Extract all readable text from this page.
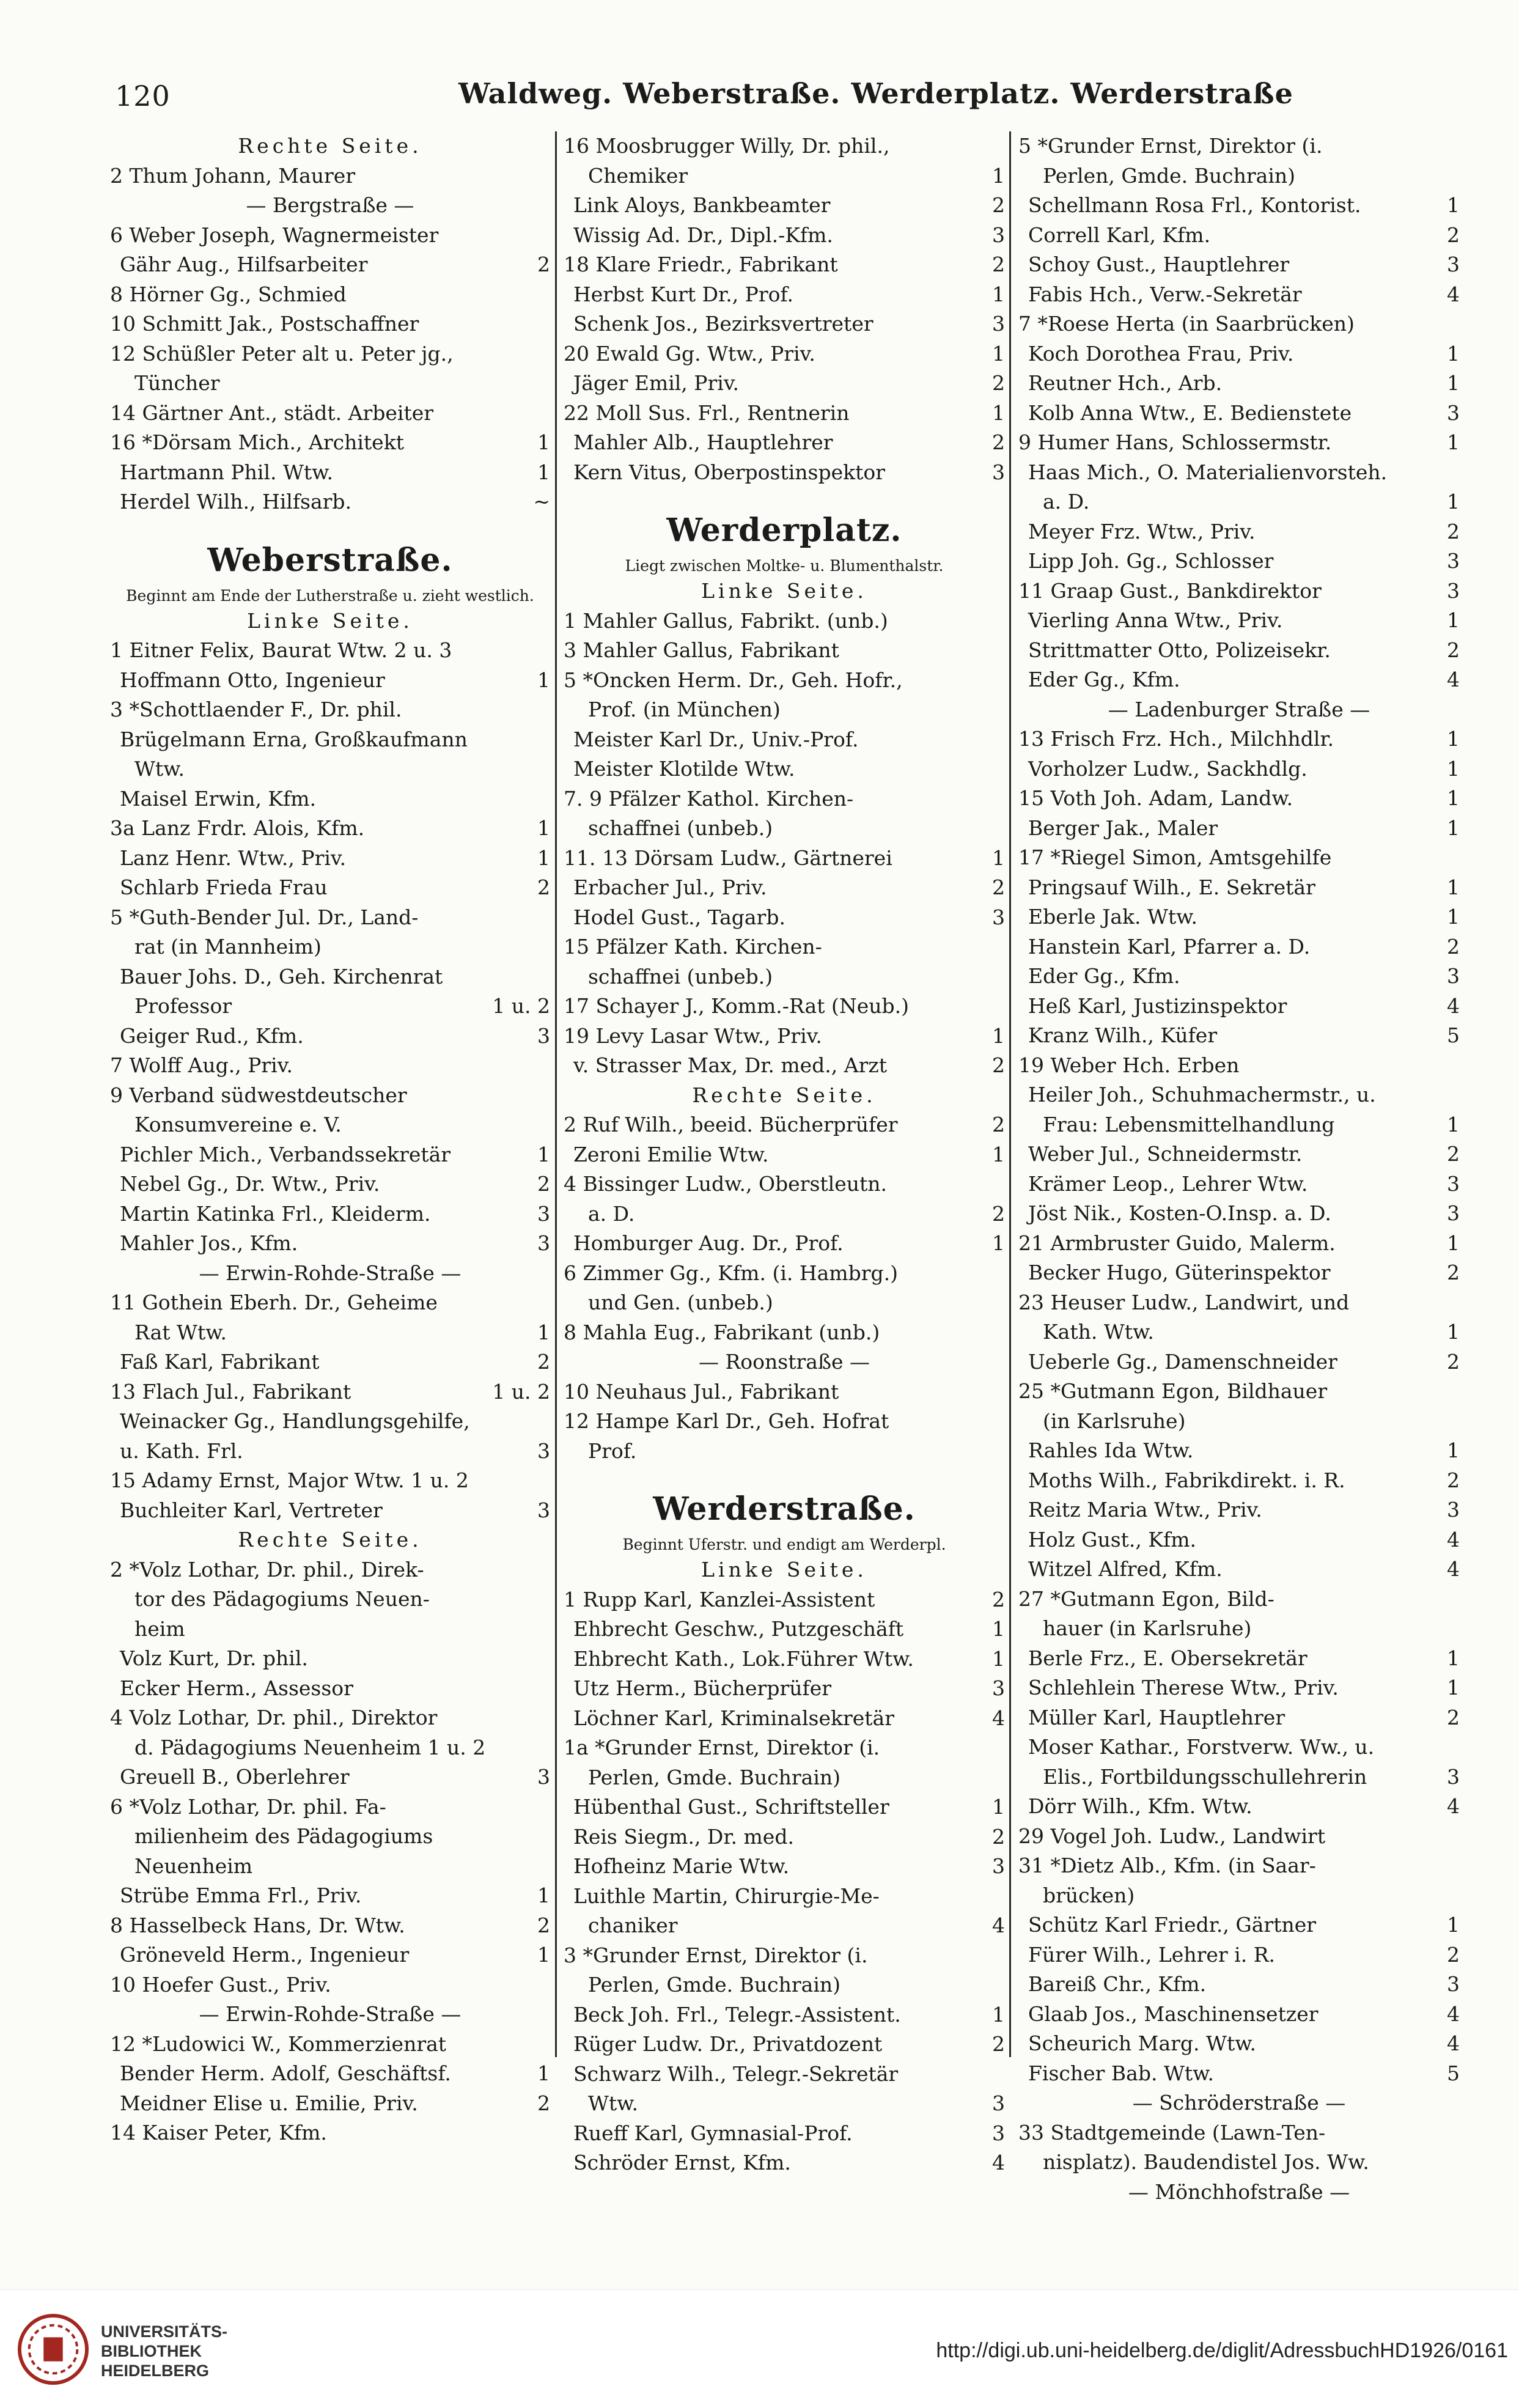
120	Waldweg. Weberstraße. Werderplatz. Werderstraße
Rechte Seite.
2 Thum Johann, Maurer
— Bergstraße —
6 Weber Joseph, Wagnermeister
Gähr Aug., Hilfsarbeiter	2
8 Hörner Gg., Schmied
10 Schmitt Jak., Postschaffner
12 Schüßler Peter alt u. Peter jg.,
Tüncher
14 Gärtner Ant., städt. Arbeiter
16 *Dörsam Mich., Architekt	1
Hartmann Phil. Wtw.	1
Herdel Wilh., Hilfsarb.	~
Weberstraße.
Beginnt am Ende der Lutherstraße u. zieht westlich.
Linke Seite.
1 Eitner Felix, Baurat Wtw. 2 u. 3
Hoffmann Otto, Ingenieur	1
3 *Schottlaender F., Dr. phil.
Brügelmann Erna, Großkaufmann
Wtw.
Maisel Erwin, Kfm.
3a Lanz Frdr. Alois, Kfm.	1
Lanz Henr. Wtw., Priv.	1
Schlarb Frieda Frau	2
5 *Guth-Bender Jul. Dr., Land-
rat (in Mannheim)
Bauer Johs. D., Geh. Kirchenrat
Professor	1 u. 2
Geiger Rud., Kfm.	3
7 Wolff Aug., Priv.
9 Verband südwestdeutscher
Konsumvereine e. V.
Pichler Mich., Verbandssekretär	1
Nebel Gg., Dr. Wtw., Priv.	2
Martin Katinka Frl., Kleiderm.	3
Mahler Jos., Kfm.	3
— Erwin-Rohde-Straße —
11 Gothein Eberh. Dr., Geheime
Rat Wtw.	1
Faß Karl, Fabrikant	2
13 Flach Jul., Fabrikant	1 u. 2
Weinacker Gg., Handlungsgehilfe,
u. Kath. Frl.	3
15 Adamy Ernst, Major Wtw. 1 u. 2
Buchleiter Karl, Vertreter	3
Rechte Seite.
2 *Volz Lothar, Dr. phil., Direk-
tor des Pädagogiums Neuen-
heim
Volz Kurt, Dr. phil.
Ecker Herm., Assessor
4 Volz Lothar, Dr. phil., Direktor
d. Pädagogiums Neuenheim 1 u. 2
Greuell B., Oberlehrer	3
6 *Volz Lothar, Dr. phil. Fa-
milienheim des Pädagogiums
Neuenheim
Strübe Emma Frl., Priv.	1
8 Hasselbeck Hans, Dr. Wtw.	2
Gröneveld Herm., Ingenieur	1
10 Hoefer Gust., Priv.
— Erwin-Rohde-Straße —
12 *Ludowici W., Kommerzienrat
Bender Herm. Adolf, Geschäftsf.	1
Meidner Elise u. Emilie, Priv.	2
14 Kaiser Peter, Kfm.
16 Moosbrugger Willy, Dr. phil.,
Chemiker	1
Link Aloys, Bankbeamter	2
Wissig Ad. Dr., Dipl.-Kfm.	3
18 Klare Friedr., Fabrikant	2
Herbst Kurt Dr., Prof.	1
Schenk Jos., Bezirksvertreter	3
20 Ewald Gg. Wtw., Priv.	1
Jäger Emil, Priv.	2
22 Moll Sus. Frl., Rentnerin	1
Mahler Alb., Hauptlehrer	2
Kern Vitus, Oberpostinspektor	3
Werderplatz.
Liegt zwischen Moltke- u. Blumenthalstr.
Linke Seite.
1 Mahler Gallus, Fabrikt. (unb.)
3 Mahler Gallus, Fabrikant
5 *Oncken Herm. Dr., Geh. Hofr.,
Prof. (in München)
Meister Karl Dr., Univ.-Prof.
Meister Klotilde Wtw.
7. 9 Pfälzer Kathol. Kirchen-
schaffnei (unbeb.)
11. 13 Dörsam Ludw., Gärtnerei	1
Erbacher Jul., Priv.	2
Hodel Gust., Tagarb.	3
15 Pfälzer Kath. Kirchen-
schaffnei (unbeb.)
17 Schayer J., Komm.-Rat (Neub.)
19 Levy Lasar Wtw., Priv.	1
v. Strasser Max, Dr. med., Arzt	2
Rechte Seite.
2 Ruf Wilh., beeid. Bücherprüfer	2
Zeroni Emilie Wtw.	1
4 Bissinger Ludw., Oberstleutn.
a. D.	2
Homburger Aug. Dr., Prof.	1
6 Zimmer Gg., Kfm. (i. Hambrg.)
und Gen. (unbeb.)
8 Mahla Eug., Fabrikant (unb.)
— Roonstraße —
10 Neuhaus Jul., Fabrikant
12 Hampe Karl Dr., Geh. Hofrat
Prof.
Werderstraße.
Beginnt Uferstr. und endigt am Werderpl.
Linke Seite.
1 Rupp Karl, Kanzlei-Assistent	2
Ehbrecht Geschw., Putzgeschäft	1
Ehbrecht Kath., Lok.Führer Wtw.	1
Utz Herm., Bücherprüfer	3
Löchner Karl, Kriminalsekretär	4
1a *Grunder Ernst, Direktor (i.
Perlen, Gmde. Buchrain)
Hübenthal Gust., Schriftsteller	1
Reis Siegm., Dr. med.	2
Hofheinz Marie Wtw.	3
Luithle Martin, Chirurgie-Me-
chaniker	4
3 *Grunder Ernst, Direktor (i.
Perlen, Gmde. Buchrain)
Beck Joh. Frl., Telegr.-Assistent.	1
Rüger Ludw. Dr., Privatdozent	2
Schwarz Wilh., Telegr.-Sekretär
Wtw.	3
Rueff Karl, Gymnasial-Prof.	3
Schröder Ernst, Kfm.	4
5 *Grunder Ernst, Direktor (i.
Perlen, Gmde. Buchrain)
Schellmann Rosa Frl., Kontorist.	1
Correll Karl, Kfm.	2
Schoy Gust., Hauptlehrer	3
Fabis Hch., Verw.-Sekretär	4
7 *Roese Herta (in Saarbrücken)
Koch Dorothea Frau, Priv.	1
Reutner Hch., Arb.	1
Kolb Anna Wtw., E. Bedienstete	3
9 Humer Hans, Schlossermstr.	1
Haas Mich., O. Materialienvorsteh.
a. D.	1
Meyer Frz. Wtw., Priv.	2
Lipp Joh. Gg., Schlosser	3
11 Graap Gust., Bankdirektor	3
Vierling Anna Wtw., Priv.	1
Strittmatter Otto, Polizeisekr.	2
Eder Gg., Kfm.	4
— Ladenburger Straße —
13 Frisch Frz. Hch., Milchhdlr.	1
Vorholzer Ludw., Sackhdlg.	1
15 Voth Joh. Adam, Landw.	1
Berger Jak., Maler	1
17 *Riegel Simon, Amtsgehilfe
Pringsauf Wilh., E. Sekretär	1
Eberle Jak. Wtw.	1
Hanstein Karl, Pfarrer a. D.	2
Eder Gg., Kfm.	3
Heß Karl, Justizinspektor	4
Kranz Wilh., Küfer	5
19 Weber Hch. Erben
Heiler Joh., Schuhmachermstr., u.
Frau: Lebensmittelhandlung	1
Weber Jul., Schneidermstr.	2
Krämer Leop., Lehrer Wtw.	3
Jöst Nik., Kosten-O.Insp. a. D.	3
21 Armbruster Guido, Malerm.	1
Becker Hugo, Güterinspektor	2
23 Heuser Ludw., Landwirt, und
Kath. Wtw.	1
Ueberle Gg., Damenschneider	2
25 *Gutmann Egon, Bildhauer
(in Karlsruhe)
Rahles Ida Wtw.	1
Moths Wilh., Fabrikdirekt. i. R.	2
Reitz Maria Wtw., Priv.	3
Holz Gust., Kfm.	4
Witzel Alfred, Kfm.	4
27 *Gutmann Egon, Bild-
hauer (in Karlsruhe)
Berle Frz., E. Obersekretär	1
Schlehlein Therese Wtw., Priv.	1
Müller Karl, Hauptlehrer	2
Moser Kathar., Forstverw. Ww., u.
Elis., Fortbildungsschullehrerin	3
Dörr Wilh., Kfm. Wtw.	4
29 Vogel Joh. Ludw., Landwirt
31 *Dietz Alb., Kfm. (in Saar-
brücken)
Schütz Karl Friedr., Gärtner	1
Fürer Wilh., Lehrer i. R.	2
Bareiß Chr., Kfm.	3
Glaab Jos., Maschinensetzer	4
Scheurich Marg. Wtw.	4
Fischer Bab. Wtw.	5
— Schröderstraße —
33 Stadtgemeinde (Lawn-Ten-
nisplatz). Baudendistel Jos. Ww.
— Mönchhofstraße —
UNIVERSITÄTS-
BIBLIOTHEK
HEIDELBERG
http://digi.ub.uni-heidelberg.de/diglit/AdressbuchHD1926/0161
